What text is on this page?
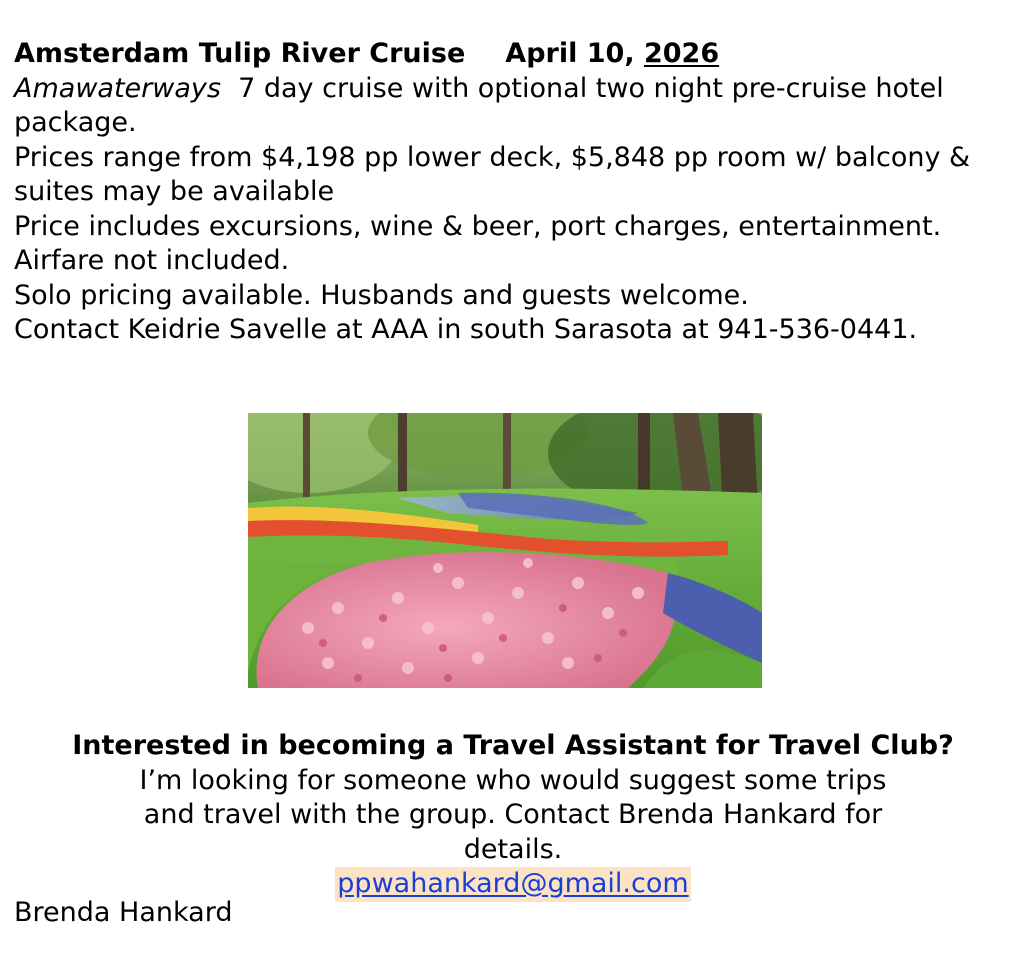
Amsterdam Tulip River Cruise April 10, 2026

Amawaterways  7 day cruise with optional two night pre-cruise hotel package.

Prices range from $4,198 pp lower deck, $5,848 pp room w/ balcony & suites may be available

Price includes excursions, wine & beer, port charges, entertainment. Airfare not included.

Solo pricing available. Husbands and guests welcome.

Contact Keidrie Savelle at AAA in south Sarasota at 941-536-0441.

Interested in becoming a Travel Assistant for Travel Club?

I’m looking for someone who would suggest some trips and travel with the group. Contact Brenda Hankard for details.

ppwahankard@gmail.com

Brenda Hankard
